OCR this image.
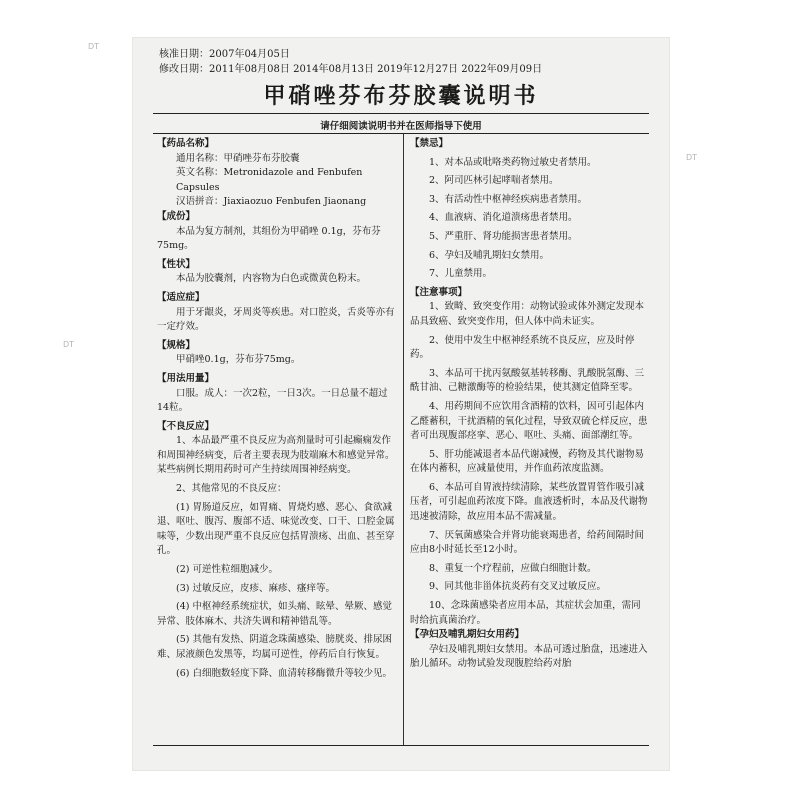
DT
DT
DT
核准日期：2007年04月05日
修改日期：2011年08月08日 2014年08月13日 2019年12月27日 2022年09月09日
甲硝唑芬布芬胶囊说明书
请仔细阅读说明书并在医师指导下使用
【药品名称】
通用名称：甲硝唑芬布芬胶囊
英文名称：Metronidazole and Fenbufen Capsules
汉语拼音：Jiaxiaozuo Fenbufen Jiaonang
【成份】
本品为复方制剂，其组份为甲硝唑 0.1g，芬布芬75mg。
【性状】
本品为胶囊剂，内容物为白色或微黄色粉末。
【适应症】
用于牙龈炎，牙周炎等疾患。对口腔炎，舌炎等亦有一定疗效。
【规格】
甲硝唑0.1g，芬布芬75mg。
【用法用量】
口服。成人：一次2粒，一日3次。一日总量不超过14粒。
【不良反应】
1、本品最严重不良反应为高剂量时可引起癫痫发作和周围神经病变，后者主要表现为肢端麻木和感觉异常。某些病例长期用药时可产生持续周围神经病变。
2、其他常见的不良反应：
(1) 胃肠道反应，如胃痛、胃烧灼感、恶心、食欲减退、呕吐、腹泻、腹部不适、味觉改变、口干、口腔金属味等，少数出现严重不良反应包括胃溃疡、出血、甚至穿孔。
(2) 可逆性粒细胞减少。
(3) 过敏反应，皮疹、麻疹、瘙痒等。
(4) 中枢神经系统症状，如头痛、眩晕、晕厥、感觉异常、肢体麻木、共济失调和精神错乱等。
(5) 其他有发热、阴道念珠菌感染、膀胱炎、排尿困难、尿液颜色发黑等，均属可逆性，停药后自行恢复。
(6) 白细胞数轻度下降、血清转移酶微升等较少见。
【禁忌】
1、对本品或吡咯类药物过敏史者禁用。
2、阿司匹林引起哮喘者禁用。
3、有活动性中枢神经疾病患者禁用。
4、血液病、消化道溃疡患者禁用。
5、严重肝、肾功能损害患者禁用。
6、孕妇及哺乳期妇女禁用。
7、儿童禁用。
【注意事项】
1、致畸、致突变作用：动物试验或体外测定发现本品具致癌、致突变作用，但人体中尚未证实。
2、使用中发生中枢神经系统不良反应，应及时停药。
3、本品可干扰丙氨酸氨基转移酶、乳酸脱氢酶、三酰甘油、己糖激酶等的检验结果，使其测定值降至零。
4、用药期间不应饮用含酒精的饮料，因可引起体内乙醛蓄积，干扰酒精的氧化过程，导致双硫仑样反应，患者可出现腹部痉挛、恶心、呕吐、头痛、面部潮红等。
5、肝功能减退者本品代谢减慢，药物及其代谢物易在体内蓄积，应减量使用，并作血药浓度监测。
6、本品可自胃液持续清除，某些放置胃管作吸引减压者，可引起血药浓度下降。血液透析时，本品及代谢物迅速被清除，故应用本品不需减量。
7、厌氧菌感染合并肾功能衰竭患者，给药间隔时间应由8小时延长至12小时。
8、重复一个疗程前，应做白细胞计数。
9、同其他非甾体抗炎药有交叉过敏反应。
10、念珠菌感染者应用本品，其症状会加重，需同时给抗真菌治疗。
【孕妇及哺乳期妇女用药】
孕妇及哺乳期妇女禁用。本品可透过胎盘，迅速进入胎儿循环。动物试验发现腹腔给药对胎
